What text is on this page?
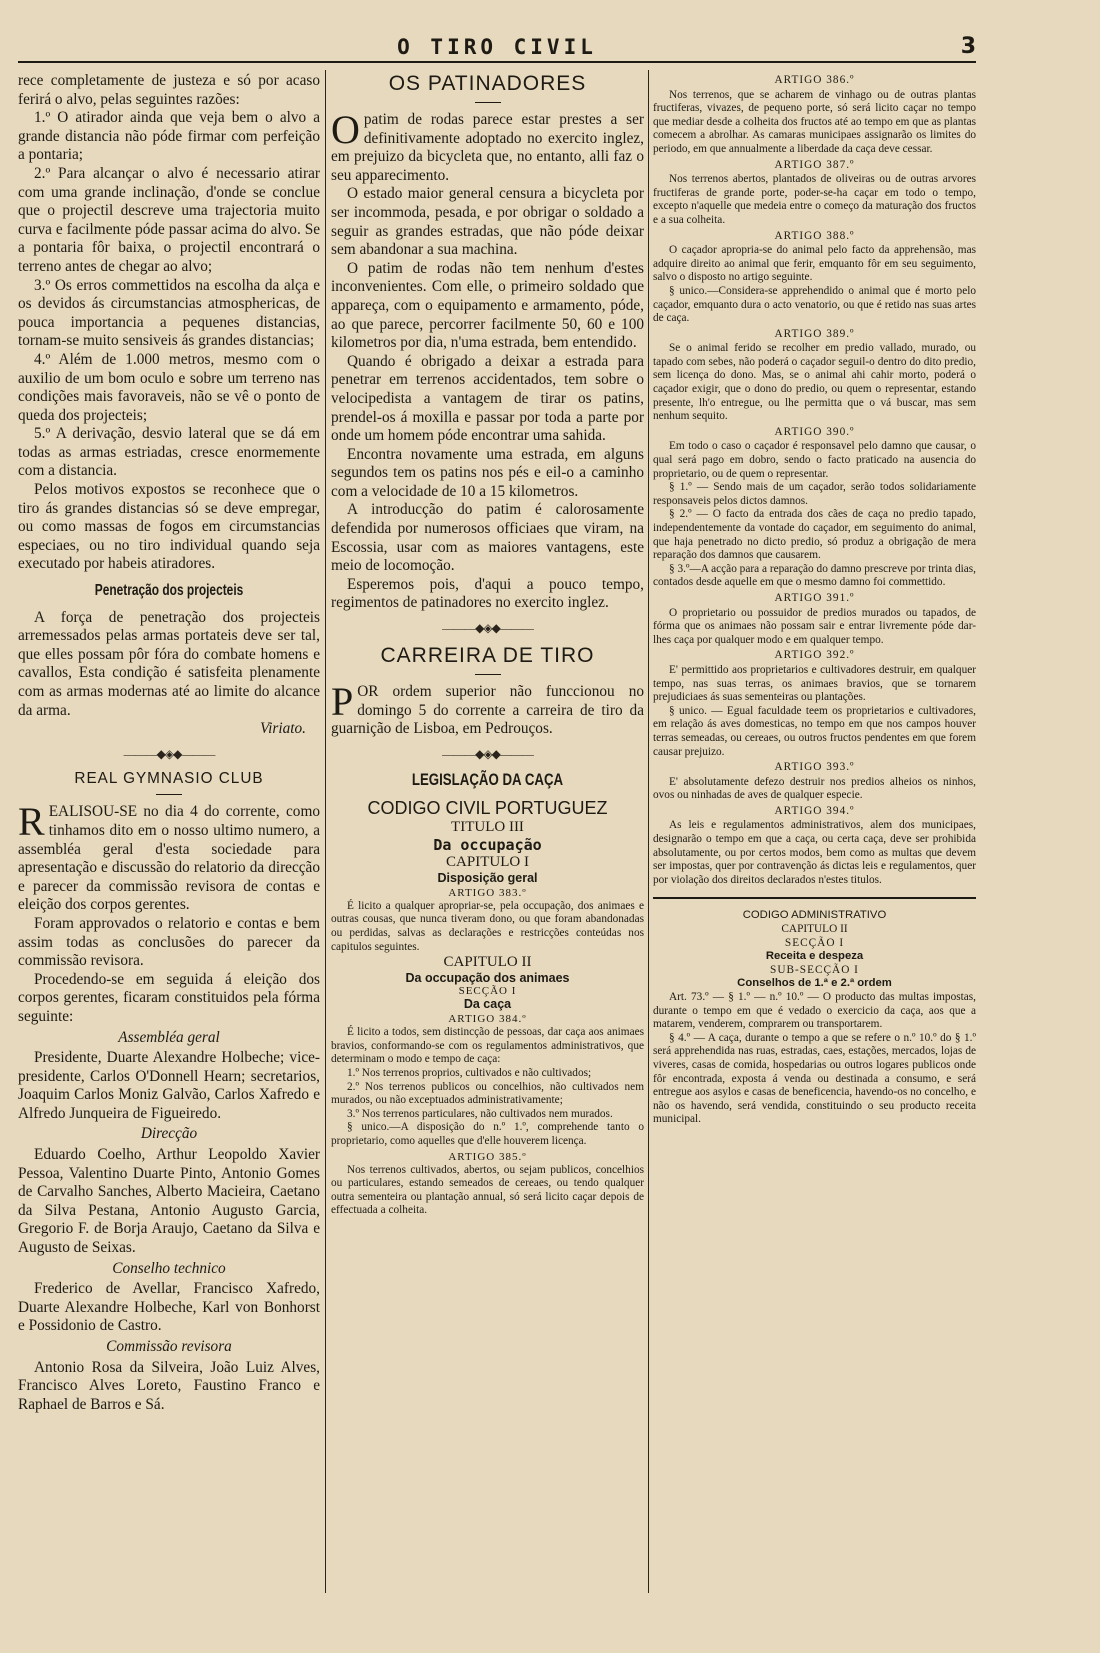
O TIRO CIVIL	3

rece completamente de justeza e só por acaso ferirá o alvo, pelas seguintes razões:

1.º O atirador ainda que veja bem o alvo a grande distancia não póde firmar com perfeição a pontaria;

2.º Para alcançar o alvo é necessario atirar com uma grande inclinação, d'onde se conclue que o projectil descreve uma trajectoria muito curva e facilmente póde passar acima do alvo. Se a pontaria fôr baixa, o projectil encontrará o terreno antes de chegar ao alvo;

3.º Os erros commettidos na escolha da alça e os devidos ás circumstancias atmosphericas, de pouca importancia a pequenes distancias, tornam-se muito sensiveis ás grandes distancias;

4.º Além de 1.000 metros, mesmo com o auxilio de um bom oculo e sobre um terreno nas condições mais favoraveis, não se vê o ponto de queda dos projecteis;

5.º A derivação, desvio lateral que se dá em todas as armas estriadas, cresce enormemente com a distancia.

Pelos motivos expostos se reconhece que o tiro ás grandes distancias só se deve empregar, ou como massas de fogos em circumstancias especiaes, ou no tiro individual quando seja executado por habeis atiradores.

Penetração dos projecteis

A força de penetração dos projecteis arremessados pelas armas portateis deve ser tal, que elles possam pôr fóra do combate homens e cavallos, Esta condição é satisfeita plenamente com as armas modernas até ao limite do alcance da arma.

Viriato.

———◆◈◆———

REAL GYMNASIO CLUB

REALISOU-SE no dia 4 do corrente, como tinhamos dito em o nosso ultimo numero, a assembléa geral d'esta sociedade para apresentação e discussão do relatorio da direcção e parecer da commissão revisora de contas e eleição dos corpos gerentes.

Foram approvados o relatorio e contas e bem assim todas as conclusões do parecer da commissão revisora.

Procedendo-se em seguida á eleição dos corpos gerentes, ficaram constituidos pela fórma seguinte:

Assembléa geral

Presidente, Duarte Alexandre Holbeche; vice-presidente, Carlos O'Donnell Hearn; secretarios, Joaquim Carlos Moniz Galvão, Carlos Xafredo e Alfredo Junqueira de Figueiredo.

Direcção

Eduardo Coelho, Arthur Leopoldo Xavier Pessoa, Valentino Duarte Pinto, Antonio Gomes de Carvalho Sanches, Alberto Macieira, Caetano da Silva Pestana, Antonio Augusto Garcia, Gregorio F. de Borja Araujo, Caetano da Silva e Augusto de Seixas.

Conselho technico

Frederico de Avellar, Francisco Xafredo, Duarte Alexandre Holbeche, Karl von Bonhorst e Possidonio de Castro.

Commissão revisora

Antonio Rosa da Silveira, João Luiz Alves, Francisco Alves Loreto, Faustino Franco e Raphael de Barros e Sá.

OS PATINADORES

Opatim de rodas parece estar prestes a ser definitivamente adoptado no exercito inglez, em prejuizo da bicycleta que, no entanto, alli faz o seu apparecimento.

O estado maior general censura a bicycleta por ser incommoda, pesada, e por obrigar o soldado a seguir as grandes estradas, que não póde deixar sem abandonar a sua machina.

O patim de rodas não tem nenhum d'estes inconvenientes. Com elle, o primeiro soldado que appareça, com o equipamento e armamento, póde, ao que parece, percorrer facilmente 50, 60 e 100 kilometros por dia, n'uma estrada, bem entendido.

Quando é obrigado a deixar a estrada para penetrar em terrenos accidentados, tem sobre o velocipedista a vantagem de tirar os patins, prendel-os á moxilla e passar por toda a parte por onde um homem póde encontrar uma sahida.

Encontra novamente uma estrada, em alguns segundos tem os patins nos pés e eil-o a caminho com a velocidade de 10 a 15 kilometros.

A introducção do patim é calorosamente defendida por numerosos officiaes que viram, na Escossia, usar com as maiores vantagens, este meio de locomoção.

Esperemos pois, d'aqui a pouco tempo, regimentos de patinadores no exercito inglez.

———◆◈◆———

CARREIRA DE TIRO

POR ordem superior não funccionou no domingo 5 do corrente a carreira de tiro da guarnição de Lisboa, em Pedrouços.

———◆◈◆———

LEGISLAÇÃO DA CAÇA

CODIGO CIVIL PORTUGUEZ

TITULO III

Da occupação

CAPITULO I

Disposição geral

ARTIGO 383.º

É licito a qualquer apropriar-se, pela occupação, dos animaes e outras cousas, que nunca tiveram dono, ou que foram abandonadas ou perdidas, salvas as declarações e restricções conteúdas nos capitulos seguintes.

CAPITULO II

Da occupação dos animaes

SECÇÃO I

Da caça

ARTIGO 384.º

É licito a todos, sem distincção de pessoas, dar caça aos animaes bravios, conformando-se com os regulamentos administrativos, que determinam o modo e tempo de caça:

1.º Nos terrenos proprios, cultivados e não cultivados;

2.º Nos terrenos publicos ou concelhios, não cultivados nem murados, ou não exceptuados administrativamente;

3.º Nos terrenos particulares, não cultivados nem murados.

§ unico.—A disposição do n.º 1.º, comprehende tanto o proprietario, como aquelles que d'elle houverem licença.

ARTIGO 385.º

Nos terrenos cultivados, abertos, ou sejam publicos, concelhios ou particulares, estando semeados de cereaes, ou tendo qualquer outra sementeira ou plantação annual, só será licito caçar depois de effectuada a colheita.

ARTIGO 386.º

Nos terrenos, que se acharem de vinhago ou de outras plantas fructiferas, vivazes, de pequeno porte, só será licito caçar no tempo que mediar desde a colheita dos fructos até ao tempo em que as plantas comecem a abrolhar. As camaras municipaes assignarão os limites do periodo, em que annualmente a liberdade da caça deve cessar.

ARTIGO 387.º

Nos terrenos abertos, plantados de oliveiras ou de outras arvores fructiferas de grande porte, poder-se-ha caçar em todo o tempo, excepto n'aquelle que medeia entre o começo da maturação dos fructos e a sua colheita.

ARTIGO 388.º

O caçador apropria-se do animal pelo facto da apprehensão, mas adquire direito ao animal que ferir, emquanto fôr em seu seguimento, salvo o disposto no artigo seguinte.

§ unico.—Considera-se apprehendido o animal que é morto pelo caçador, emquanto dura o acto venatorio, ou que é retido nas suas artes de caça.

ARTIGO 389.º

Se o animal ferido se recolher em predio vallado, murado, ou tapado com sebes, não poderá o caçador seguil-o dentro do dito predio, sem licença do dono. Mas, se o animal ahi cahir morto, poderá o caçador exigir, que o dono do predio, ou quem o representar, estando presente, lh'o entregue, ou lhe permitta que o vá buscar, mas sem nenhum sequito.

ARTIGO 390.º

Em todo o caso o caçador é responsavel pelo damno que causar, o qual será pago em dobro, sendo o facto praticado na ausencia do proprietario, ou de quem o representar.

§ 1.º — Sendo mais de um caçador, serão todos solidariamente responsaveis pelos dictos damnos.

§ 2.º — O facto da entrada dos cães de caça no predio tapado, independentemente da vontade do caçador, em seguimento do animal, que haja penetrado no dicto predio, só produz a obrigação de mera reparação dos damnos que causarem.

§ 3.º—A acção para a reparação do damno prescreve por trinta dias, contados desde aquelle em que o mesmo damno foi commettido.

ARTIGO 391.º

O proprietario ou possuidor de predios murados ou tapados, de fórma que os animaes não possam sair e entrar livremente póde dar-lhes caça por qualquer modo e em qualquer tempo.

ARTIGO 392.º

E' permittido aos proprietarios e cultivadores destruir, em qualquer tempo, nas suas terras, os animaes bravios, que se tornarem prejudiciaes ás suas sementeiras ou plantações.

§ unico. — Egual faculdade teem os proprietarios e cultivadores, em relação ás aves domesticas, no tempo em que nos campos houver terras semeadas, ou cereaes, ou outros fructos pendentes em que forem causar prejuizo.

ARTIGO 393.º

E' absolutamente defezo destruir nos predios alheios os ninhos, ovos ou ninhadas de aves de qualquer especie.

ARTIGO 394.º

As leis e regulamentos administrativos, alem dos municipaes, designarão o tempo em que a caça, ou certa caça, deve ser prohibida absolutamente, ou por certos modos, bem como as multas que devem ser impostas, quer por contravenção ás dictas leis e regulamentos, quer por violação dos direitos declarados n'estes titulos.

CODIGO ADMINISTRATIVO

CAPITULO II

SECÇÃO I

Receita e despeza

SUB-SECÇÃO I

Conselhos de 1.ª e 2.ª ordem

Art. 73.º — § 1.º — n.º 10.º — O producto das multas impostas, durante o tempo em que é vedado o exercicio da caça, aos que a matarem, venderem, comprarem ou transportarem.

§ 4.º — A caça, durante o tempo a que se refere o n.º 10.º do § 1.º será apprehendida nas ruas, estradas, caes, estações, mercados, lojas de viveres, casas de comida, hospedarias ou outros logares publicos onde fôr encontrada, exposta á venda ou destinada a consumo, e será entregue aos asylos e casas de beneficencia, havendo-os no concelho, e não os havendo, será vendida, constituindo o seu producto receita municipal.
